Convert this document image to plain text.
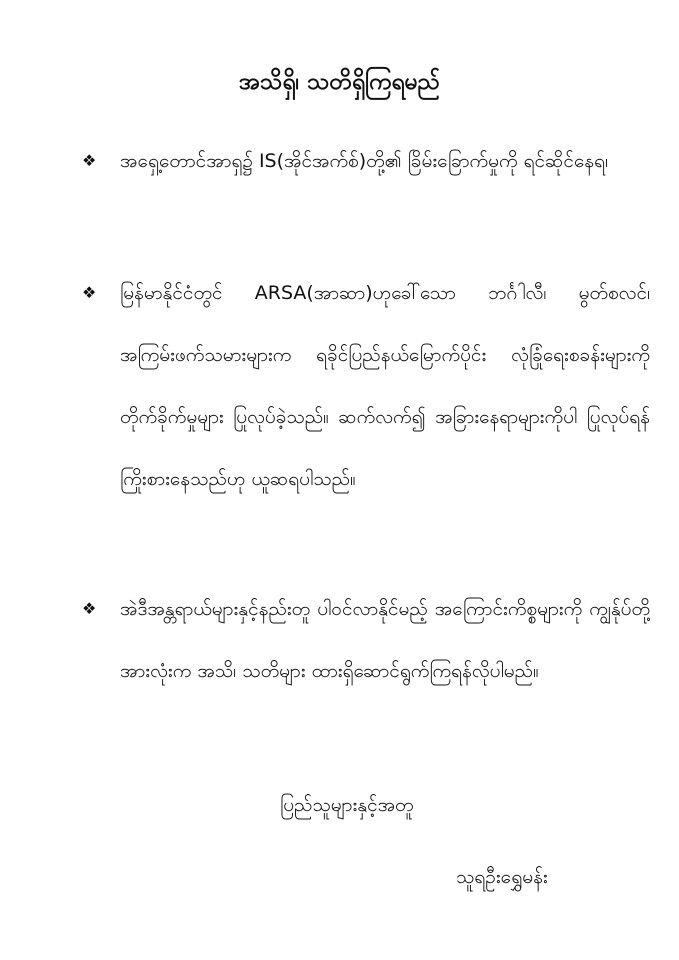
အသိရှိ၊ သတိရှိကြရမည်
❖ အရှေ့တောင်အာရှ၌ IS(အိုင်အက်စ်)တို့၏ ခြိမ်းခြောက်မှုကို ရင်ဆိုင်နေရ၊
❖ မြန်မာနိုင်ငံတွင် ARSA(အာဆာ)ဟုခေါ်သော ဘင်္ဂါလီ၊ မွတ်စလင်၊ အကြမ်းဖက်သမားများက ရခိုင်ပြည်နယ်မြောက်ပိုင်း လုံခြုံရေးစခန်းများကို တိုက်ခိုက်မှုများ ပြုလုပ်ခဲ့သည်။ ဆက်လက်၍ အခြားနေရာများကိုပါ ပြုလုပ်ရန် ကြိုးစားနေသည်ဟု ယူဆရပါသည်။
❖ အဲဒီအန္တရာယ်များနှင့်နည်းတူ ပါဝင်လာနိုင်မည့် အကြောင်းကိစ္စများကို ကျွန်ုပ်တို့အားလုံးက အသိ၊ သတိများ ထားရှိဆောင်ရွက်ကြရန်လိုပါမည်။
ပြည်သူများနှင့်အတူ
သူရဦးရွှေမန်း
